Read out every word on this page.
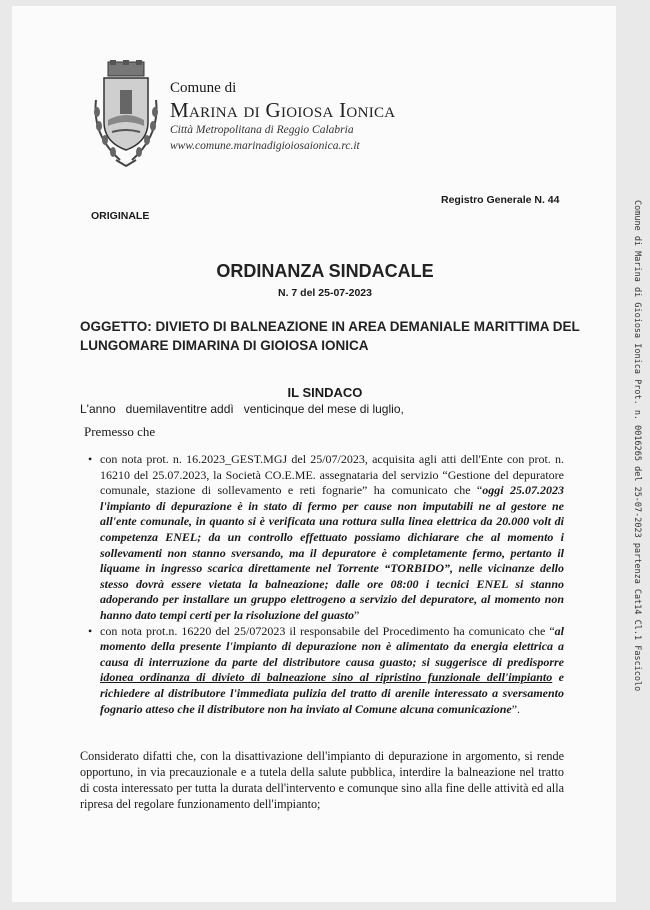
Comune di Marina di Gioiosa Ionica Prot. n. 0016265 del 25-07-2023 partenza Cat14 Cl.1 Fascicolo
Comune di
Marina di Gioiosa Ionica
Città Metropolitana di Reggio Calabria
www.comune.marinadigioiosaionica.rc.it
Registro Generale N. 44
ORIGINALE
ORDINANZA SINDACALE
N. 7 del 25-07-2023
OGGETTO: DIVIETO DI BALNEAZIONE IN AREA DEMANIALE MARITTIMA DEL LUNGOMARE DIMARINA DI GIOIOSA IONICA
IL SINDACO
L'anno   duemilaventitre addì   venticinque del mese di luglio,
Premesso che
• con nota prot. n. 16.2023_GEST.MGJ del 25/07/2023, acquisita agli atti dell'Ente con prot. n. 16210 del 25.07.2023, la Società CO.E.ME. assegnataria del servizio “Gestione del depuratore comunale, stazione di sollevamento e reti fognarie” ha comunicato che “oggi 25.07.2023 l'impianto di depurazione è in stato di fermo per cause non imputabili ne al gestore ne all'ente comunale, in quanto si è verificata una rottura sulla linea elettrica da 20.000 volt di competenza ENEL; da un controllo effettuato possiamo dichiarare che al momento i sollevamenti non stanno sversando, ma il depuratore è completamente fermo, pertanto il liquame in ingresso scarica direttamente nel Torrente “TORBIDO”, nelle vicinanze dello stesso dovrà essere vietata la balneazione; dalle ore 08:00 i tecnici ENEL si stanno adoperando per installare un gruppo elettrogeno a servizio del depuratore, al momento non hanno dato tempi certi per la risoluzione del guasto”
• con nota prot.n. 16220 del 25/072023 il responsabile del Procedimento ha comunicato che “al momento della presente l'impianto di depurazione non è alimentato da energia elettrica a causa di interruzione da parte del distributore causa guasto; si suggerisce di predisporre idonea ordinanza di divieto di balneazione sino al ripristino funzionale dell'impianto e richiedere al distributore l'immediata pulizia del tratto di arenile interessato a sversamento fognario atteso che il distributore non ha inviato al Comune alcuna comunicazione”.
Considerato difatti che, con la disattivazione dell'impianto di depurazione in argomento, si rende opportuno, in via precauzionale e a tutela della salute pubblica, interdire la balneazione nel tratto di costa interessato per tutta la durata dell'intervento e comunque sino alla fine delle attività ed alla ripresa del regolare funzionamento dell'impianto;
